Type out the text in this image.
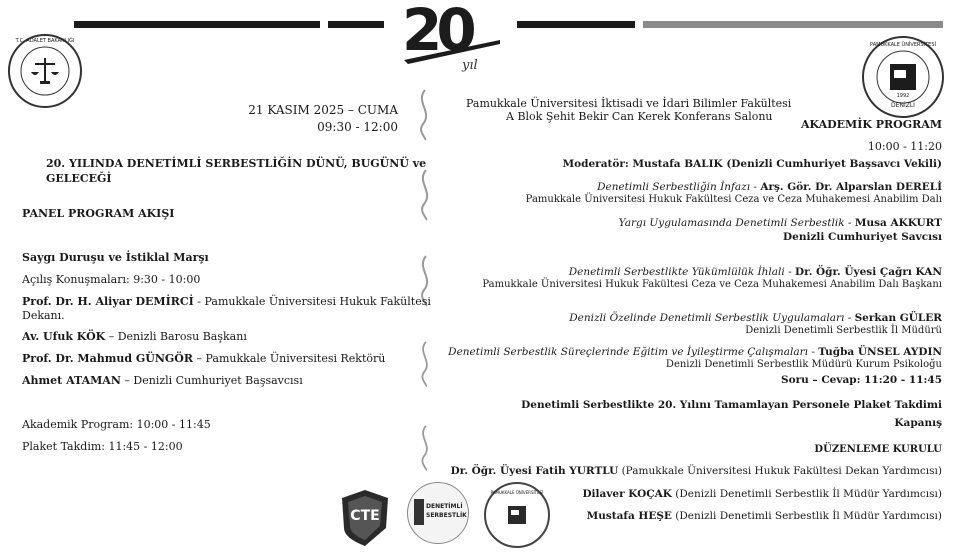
20
yıl
T.C. ADALET BAKANLIĞI
PAMUKKALE ÜNİVERSİTESİ
1992
DENİZLİ
21 KASIM 2025 – CUMA
09:30 - 12:00
Pamukkale Üniversitesi İktisadi ve İdari Bilimler Fakültesi
A Blok Şehit Bekir Can Kerek Konferans Salonu
20. YILINDA DENETİMLİ SERBESTLİĞİN DÜNÜ, BUGÜNÜ ve
GELECEĞİ
PANEL PROGRAM AKIŞI
Saygı Duruşu ve İstiklal Marşı
Açılış Konuşmaları: 9:30 - 10:00
Prof. Dr. H. Aliyar DEMİRCİ - Pamukkale Üniversitesi Hukuk Fakültesi
Dekanı.
Av. Ufuk KÖK – Denizli Barosu Başkanı
Prof. Dr. Mahmud GÜNGÖR – Pamukkale Üniversitesi Rektörü
Ahmet ATAMAN – Denizli Cumhuriyet Başsavcısı
Akademik Program: 10:00 - 11:45
Plaket Takdim: 11:45 - 12:00
AKADEMİK PROGRAM
10:00 - 11:20
Moderatör: Mustafa BALIK (Denizli Cumhuriyet Başsavcı Vekili)
Denetimli Serbestliğin İnfazı - Arş. Gör. Dr. Alparslan DERELİ
Pamukkale Üniversitesi Hukuk Fakültesi Ceza ve Ceza Muhakemesi Anabilim Dalı
Yargı Uygulamasında Denetimli Serbestlik - Musa AKKURT
Denizli Cumhuriyet Savcısı
Denetimli Serbestlikte Yükümlülük İhlali - Dr. Öğr. Üyesi Çağrı KAN
Pamukkale Üniversitesi Hukuk Fakültesi Ceza ve Ceza Muhakemesi Anabilim Dalı Başkanı
Denizli Özelinde Denetimli Serbestlik Uygulamaları - Serkan GÜLER
Denizli Denetimli Serbestlik İl Müdürü
Denetimli Serbestlik Süreçlerinde Eğitim ve İyileştirme Çalışmaları - Tuğba ÜNSEL AYDIN
Denizli Denetimli Serbestlik Müdürü Kurum Psikoloğu
Soru – Cevap: 11:20 - 11:45
Denetimli Serbestlikte 20. Yılını Tamamlayan Personele Plaket Takdimi
Kapanış
DÜZENLEME KURULU
Dr. Öğr. Üyesi Fatih YURTLU (Pamukkale Üniversitesi Hukuk Fakültesi Dekan Yardımcısı)
Dilaver KOÇAK (Denizli Denetimli Serbestlik İl Müdür Yardımcısı)
Mustafa HEŞE (Denizli Denetimli Serbestlik İl Müdür Yardımcısı)
CTE
DENETİMLİ
SERBESTLİK
PAMUKKALE ÜNİVERSİTESİ
